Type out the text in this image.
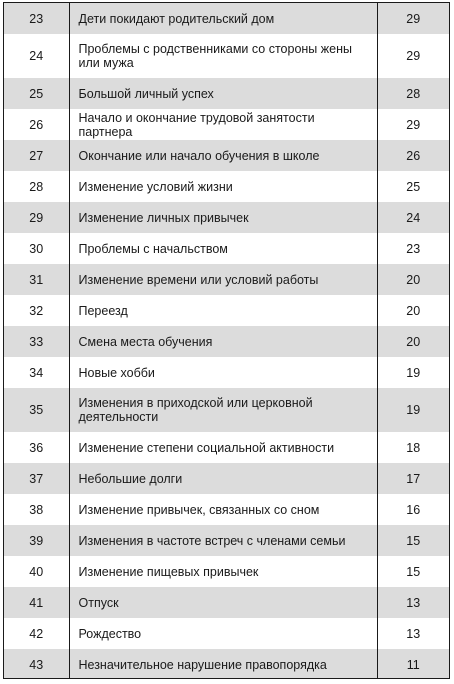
23	Дети покидают родительский дом	29
24	Проблемы с родственниками со стороны жены или мужа	29
25	Большой личный успех	28
26	Начало и окончание трудовой занятости партнера	29
27	Окончание или начало обучения в школе	26
28	Изменение условий жизни	25
29	Изменение личных привычек	24
30	Проблемы с начальством	23
31	Изменение времени или условий работы	20
32	Переезд	20
33	Смена места обучения	20
34	Новые хобби	19
35	Изменения в приходской или церковной деятельности	19
36	Изменение степени социальной активности	18
37	Небольшие долги	17
38	Изменение привычек, связанных со сном	16
39	Изменения в частоте встреч с членами семьи	15
40	Изменение пищевых привычек	15
41	Отпуск	13
42	Рождество	13
43	Незначительное нарушение правопорядка	11
